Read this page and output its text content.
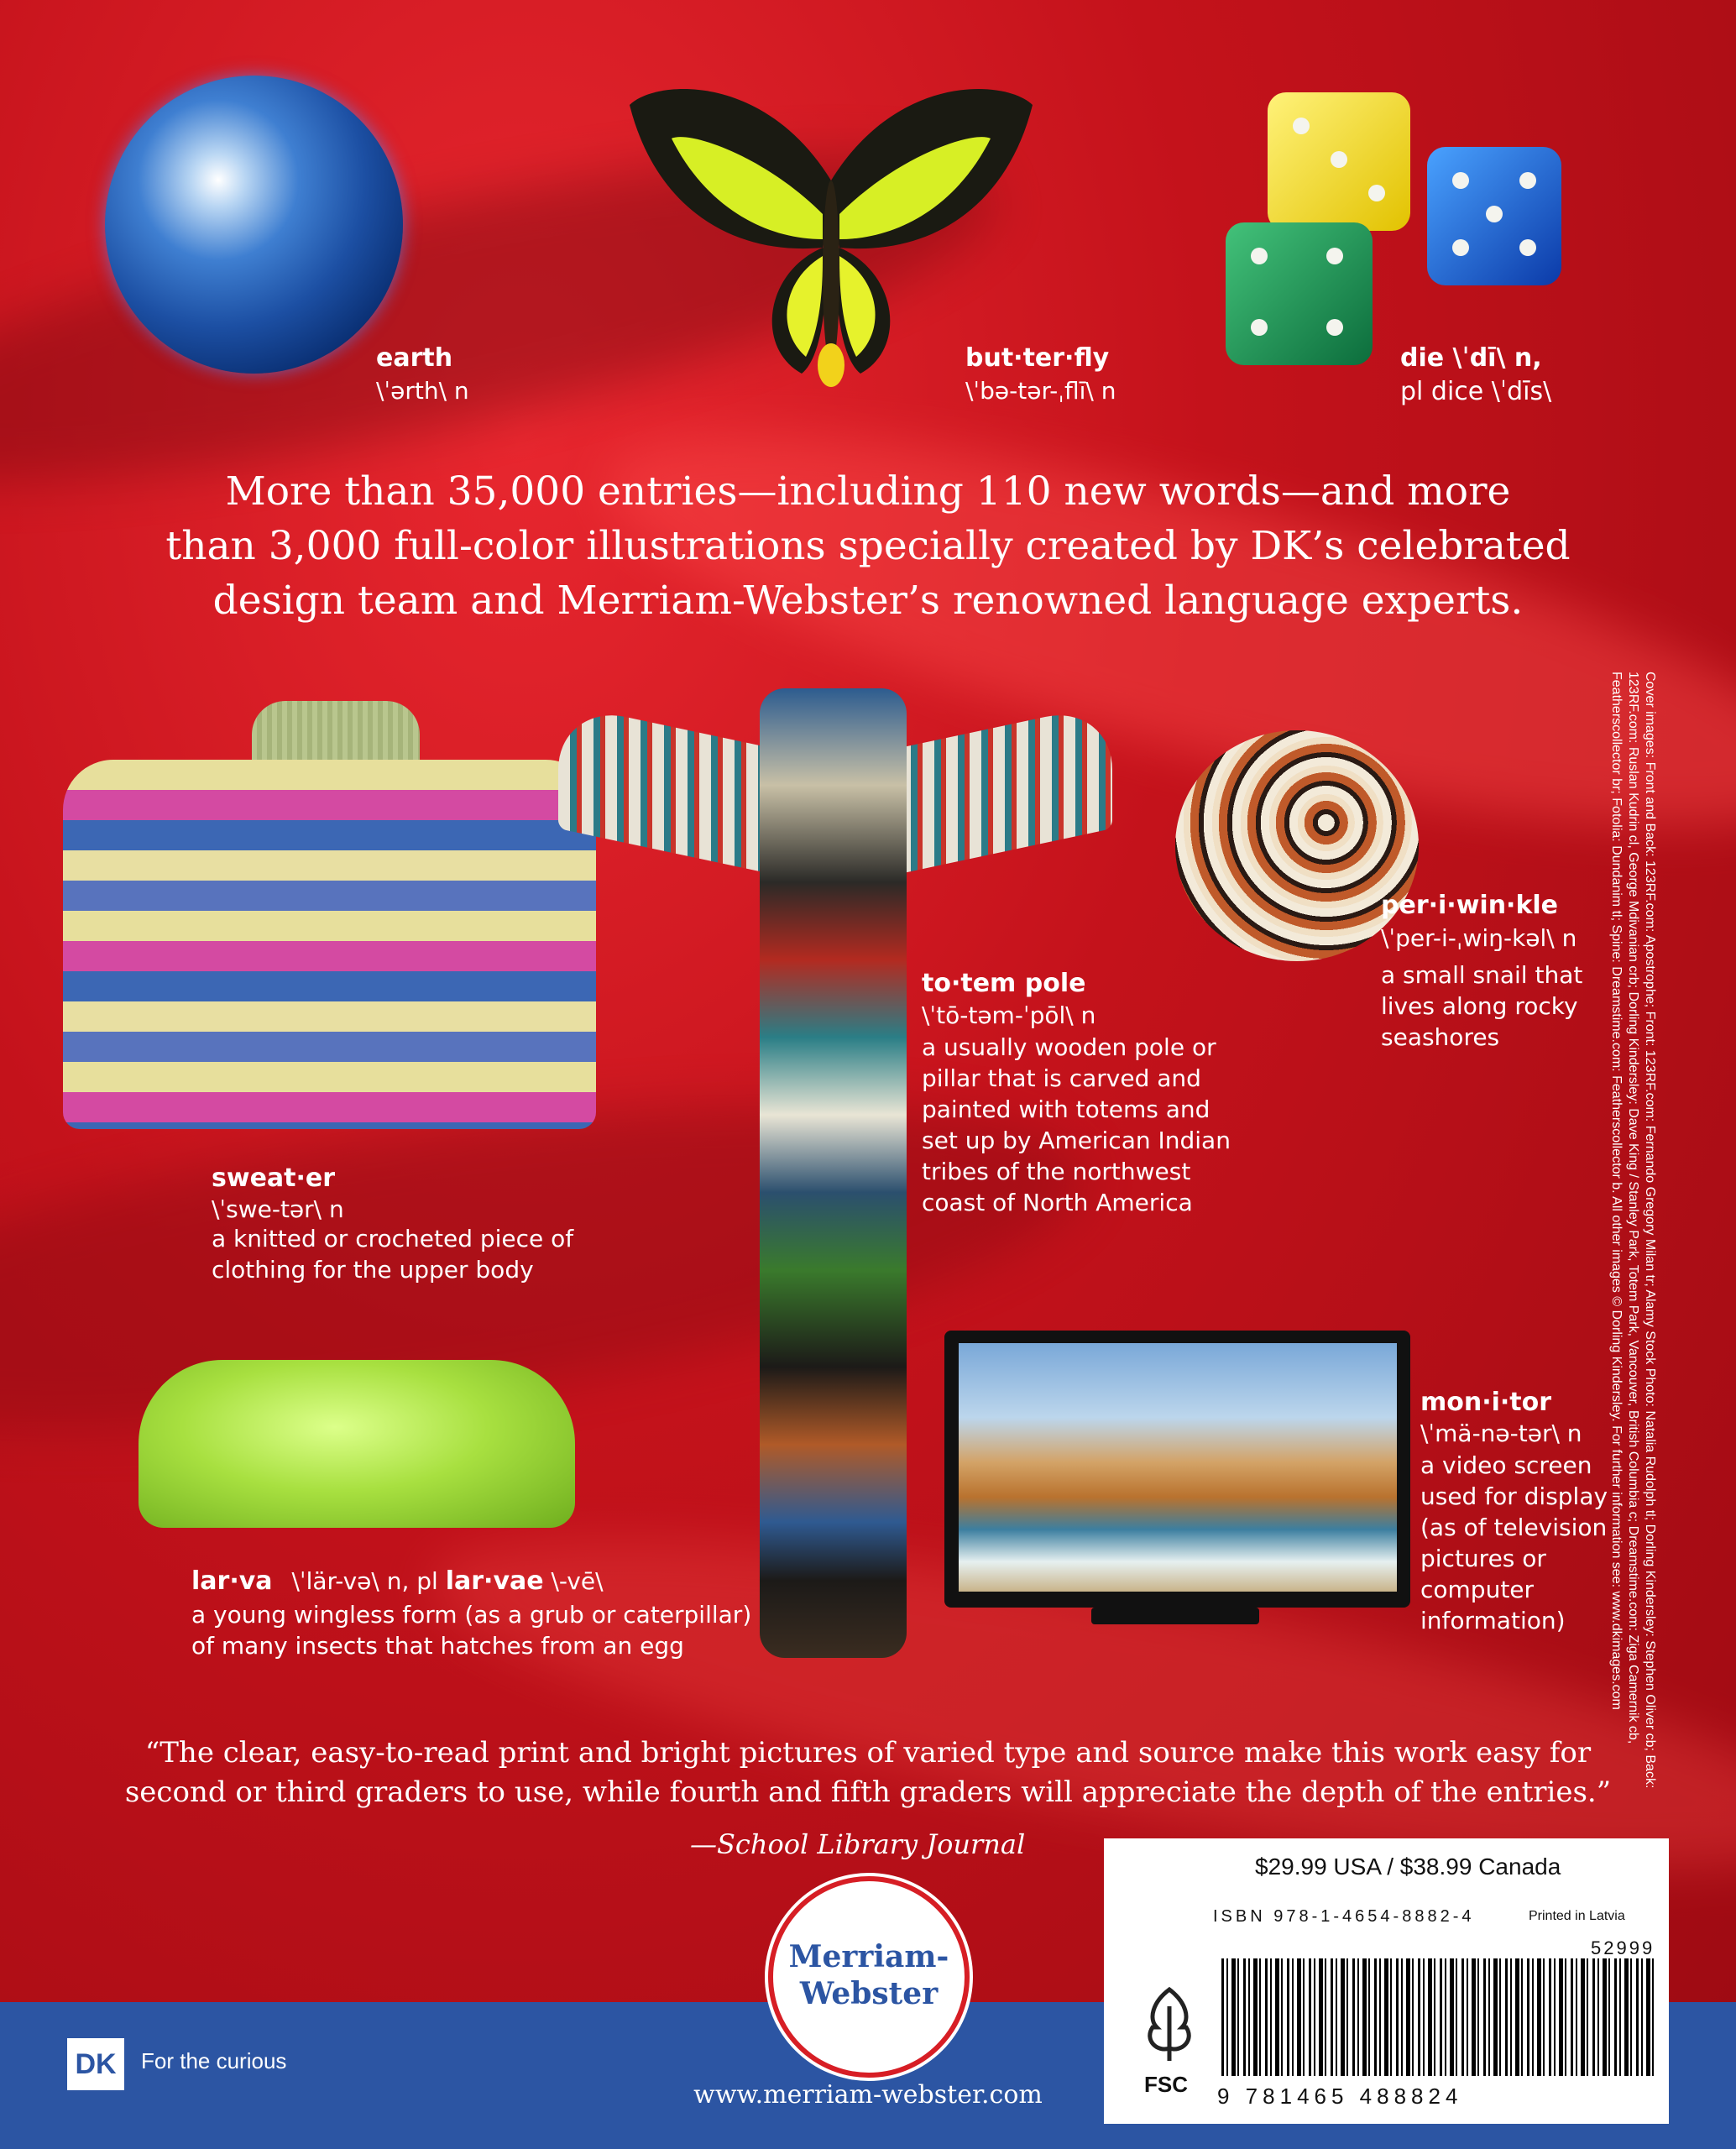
earth
\ˈərth\ n
but·ter·fly
\ˈbə-tər-ˌflī\ n
die \ˈdī\ n,
pl dice \ˈdīs\
More than 35,000 entries—including 110 new words—and more
than 3,000 full-color illustrations specially created by DK’s celebrated
design team and Merriam-Webster’s renowned language experts.
sweat·er
\ˈswe-tər\ n
a knitted or crocheted piece of
clothing for the upper body
to·tem pole
\ˈtō-təm-ˈpōl\ n
a usually wooden pole or
pillar that is carved and
painted with totems and
set up by American Indian
tribes of the northwest
coast of North America
per·i·win·kle
\ˈper-i-ˌwiŋ-kəl\ n
a small snail that
lives along rocky
seashores
lar·va \ˈlär-və\ n, pl lar·vae \-vē\
a young wingless form (as a grub or caterpillar)
of many insects that hatches from an egg
mon·i·tor
\ˈmä-nə-tər\ n
a video screen
used for display
(as of television
pictures or
computer
information)	Cover images: Front and Back: 123RF.com: Apostrophe; Front: 123RF.com: Fernando Gregory Milan tr; Alamy Stock Photo: Natalia Rudolph tl; Dorling Kindersley: Stephen Oliver cb; Back: 123RF.com: Ruslan Kudrin cl, George Mdivanian crb; Dorling Kindersley: Dave King / Stanley Park, Totem Park, Vancouver, British Columbia c; Dreamstime.com: Ziga Camernik cb, Featherscollector br; Fotolia: Dundanim tl; Spine: Dreamstime.com: Featherscollector b. All other images © Dorling Kindersley. For further information see: www.dkimages.com
“The clear, easy-to-read print and bright pictures of varied type and source make this work easy for
second or third graders to use, while fourth and fifth graders will appreciate the depth of the entries.”
—School Library Journal
DK	For the curious
Merriam-
Webster
www.merriam-webster.com
$29.99 USA / $38.99 Canada
ISBN 978-1-4654-8882-4	Printed in Latvia
52999
FSC 9 781465 488824
